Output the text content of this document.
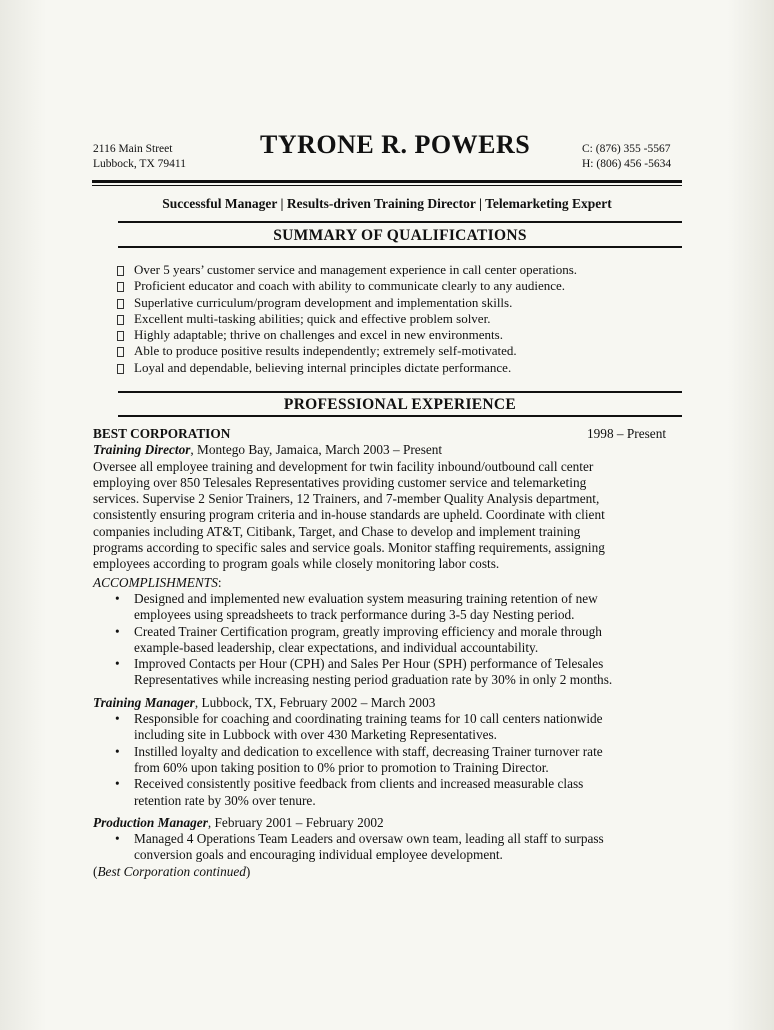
2116 Main Street
Lubbock, TX 79411
TYRONE R. POWERS	C: (876) 355 -5567
H: (806) 456 -5634
Successful Manager | Results-driven Training Director | Telemarketing Expert
SUMMARY OF QUALIFICATIONS
Over 5 years’ customer service and management experience in call center operations.
Proficient educator and coach with ability to communicate clearly to any audience.
Superlative curriculum/program development and implementation skills.
Excellent multi-tasking abilities; quick and effective problem solver.
Highly adaptable; thrive on challenges and excel in new environments.
Able to produce positive results independently; extremely self-motivated.
Loyal and dependable, believing internal principles dictate performance.
PROFESSIONAL EXPERIENCE
BEST CORPORATION	1998 – Present
Training Director, Montego Bay, Jamaica, March 2003 – Present
Oversee all employee training and development for twin facility inbound/outbound call center
employing over 850 Telesales Representatives providing customer service and telemarketing
services. Supervise 2 Senior Trainers, 12 Trainers, and 7-member Quality Analysis department,
consistently ensuring program criteria and in-house standards are upheld. Coordinate with client
companies including AT&T, Citibank, Target, and Chase to develop and implement training
programs according to specific sales and service goals. Monitor staffing requirements, assigning
employees according to program goals while closely monitoring labor costs.
ACCOMPLISHMENTS:
• Designed and implemented new evaluation system measuring training retention of new
employees using spreadsheets to track performance during 3-5 day Nesting period.
• Created Trainer Certification program, greatly improving efficiency and morale through
example-based leadership, clear expectations, and individual accountability.
• Improved Contacts per Hour (CPH) and Sales Per Hour (SPH) performance of Telesales
Representatives while increasing nesting period graduation rate by 30% in only 2 months.
Training Manager, Lubbock, TX, February 2002 – March 2003
• Responsible for coaching and coordinating training teams for 10 call centers nationwide
including site in Lubbock with over 430 Marketing Representatives.
• Instilled loyalty and dedication to excellence with staff, decreasing Trainer turnover rate
from 60% upon taking position to 0% prior to promotion to Training Director.
• Received consistently positive feedback from clients and increased measurable class
retention rate by 30% over tenure.
Production Manager, February 2001 – February 2002
• Managed 4 Operations Team Leaders and oversaw own team, leading all staff to surpass
conversion goals and encouraging individual employee development.
(Best Corporation continued)
